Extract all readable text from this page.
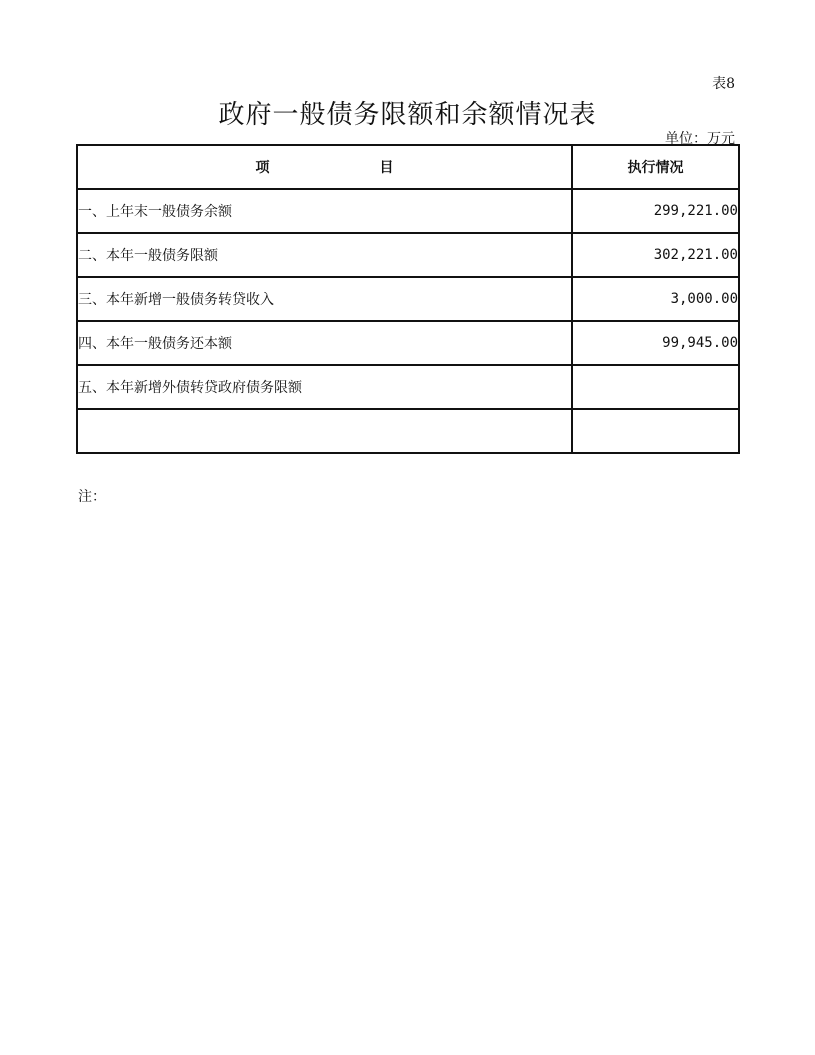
表8
政府一般债务限额和余额情况表
单位：万元
项 目	执行情况
一、上年末一般债务余额	299,221.00
二、本年一般债务限额	302,221.00
三、本年新增一般债务转贷收入	3,000.00
四、本年一般债务还本额	99,945.00
五、本年新增外债转贷政府债务限额	

注：
